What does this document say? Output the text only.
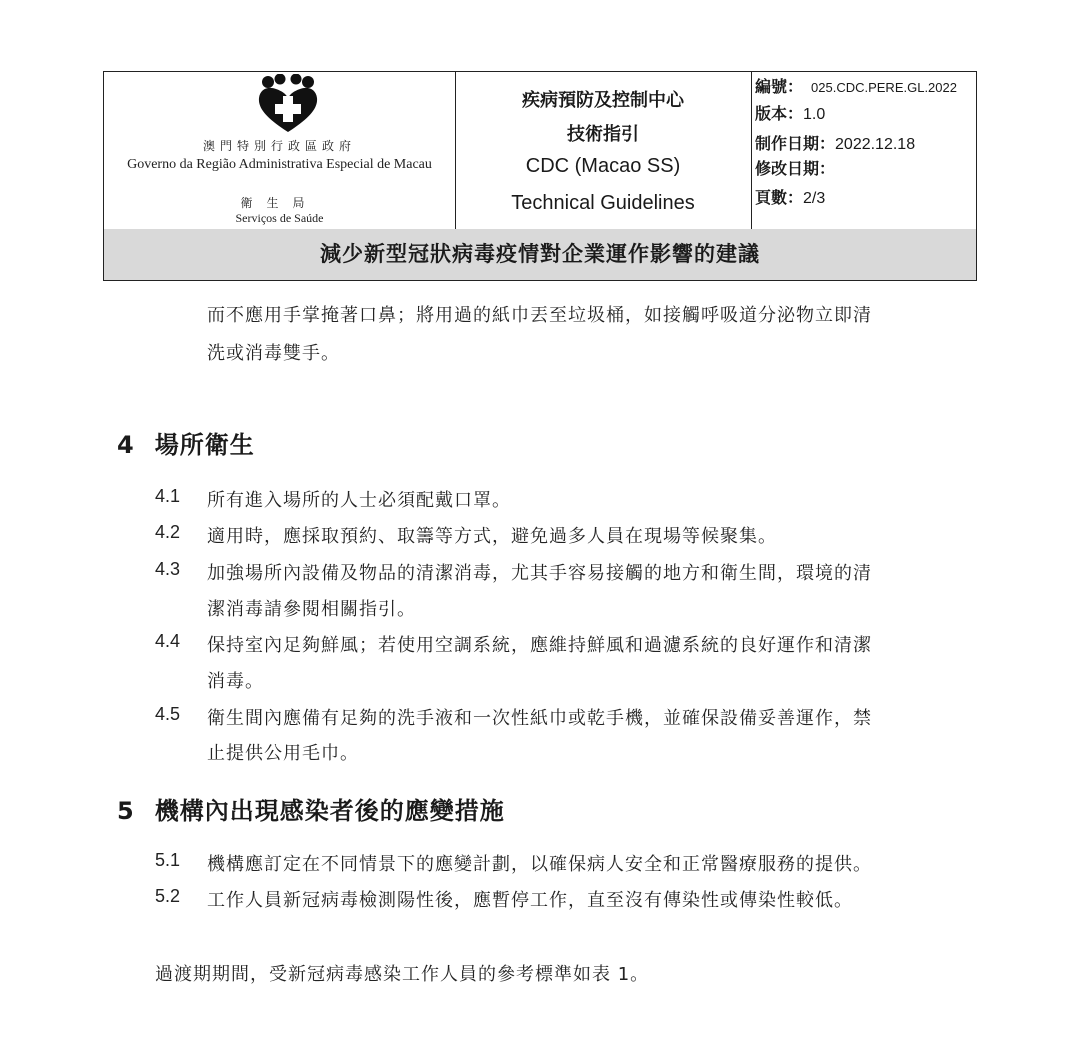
澳門特別行政區政府
Governo da Região Administrativa Especial de Macau
衛生局
Serviços de Saúde
疾病預防及控制中心
技術指引
CDC (Macao SS)
Technical Guidelines
編號： 025.CDC.PERE.GL.2022
版本：1.0
制作日期：2022.12.18
修改日期：
頁數：2/3
減少新型冠狀病毒疫情對企業運作影響的建議
而不應用手掌掩著口鼻；將用過的紙巾丟至垃圾桶，如接觸呼吸道分泌物立即清
洗或消毒雙手。
4 場所衛生
4.1 所有進入場所的人士必須配戴口罩。
4.2 適用時，應採取預約、取籌等方式，避免過多人員在現場等候聚集。
4.3 加強場所內設備及物品的清潔消毒，尤其手容易接觸的地方和衛生間，環境的清
潔消毒請參閱相關指引。
4.4 保持室內足夠鮮風；若使用空調系統，應維持鮮風和過濾系統的良好運作和清潔
消毒。
4.5 衛生間內應備有足夠的洗手液和一次性紙巾或乾手機，並確保設備妥善運作，禁
止提供公用毛巾。
5 機構內出現感染者後的應變措施
5.1 機構應訂定在不同情景下的應變計劃，以確保病人安全和正常醫療服務的提供。
5.2 工作人員新冠病毒檢測陽性後，應暫停工作，直至沒有傳染性或傳染性較低。
過渡期期間，受新冠病毒感染工作人員的參考標準如表 1。
